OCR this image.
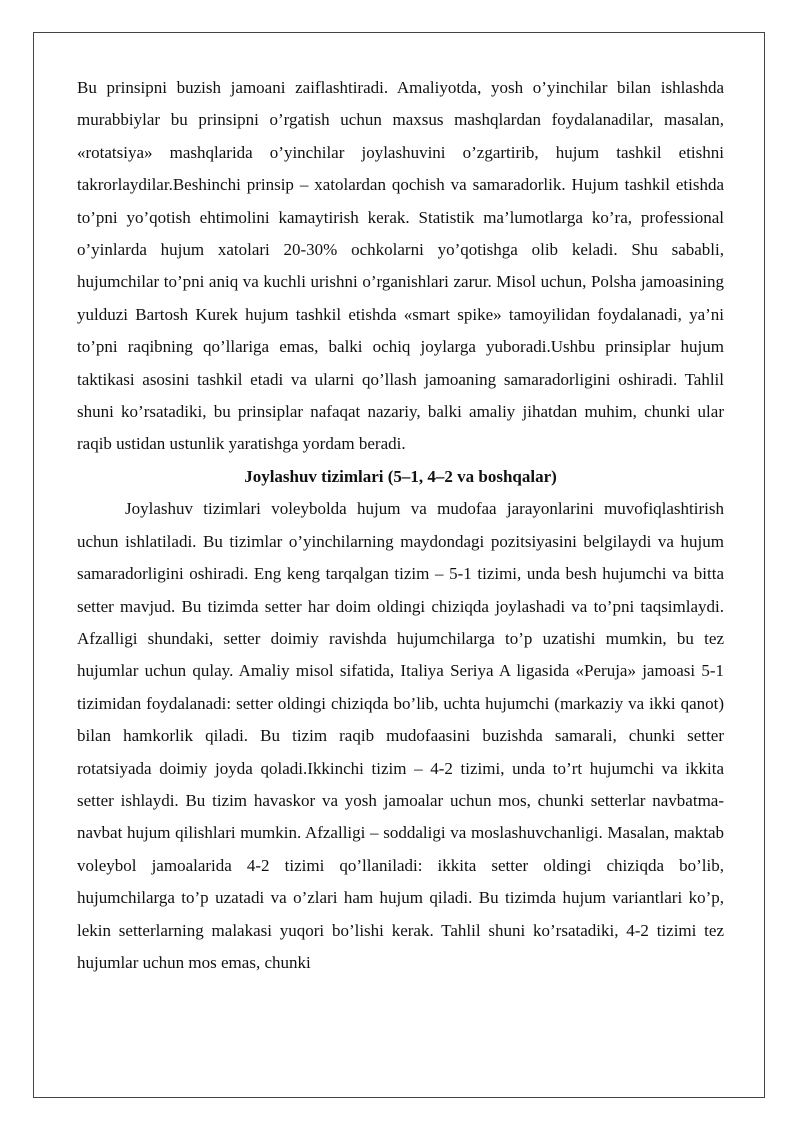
Bu prinsipni buzish jamoani zaiflashtiradi. Amaliyotda, yosh o’yinchilar bilan ishlashda murabbiylar bu prinsipni o’rgatish uchun maxsus mashqlardan foydalanadilar, masalan, «rotatsiya» mashqlarida o’yinchilar joylashuvini o’zgartirib, hujum tashkil etishni takrorlaydilar.Beshinchi prinsip – xatolardan qochish va samaradorlik. Hujum tashkil etishda to’pni yo’qotish ehtimolini kamaytirish kerak. Statistik ma’lumotlarga ko’ra, professional o’yinlarda hujum xatolari 20-30% ochkolarni yo’qotishga olib keladi. Shu sababli, hujumchilar to’pni aniq va kuchli urishni o’rganishlari zarur. Misol uchun, Polsha jamoasining yulduzi Bartosh Kurek hujum tashkil etishda «smart spike» tamoyilidan foydalanadi, ya’ni to’pni raqibning qo’llariga emas, balki ochiq joylarga yuboradi.Ushbu prinsiplar hujum taktikasi asosini tashkil etadi va ularni qo’llash jamoaning samaradorligini oshiradi. Tahlil shuni ko’rsatadiki, bu prinsiplar nafaqat nazariy, balki amaliy jihatdan muhim, chunki ular raqib ustidan ustunlik yaratishga yordam beradi.

Joylashuv tizimlari (5–1, 4–2 va boshqalar)

Joylashuv tizimlari voleybolda hujum va mudofaa jarayonlarini muvofiqlashtirish uchun ishlatiladi. Bu tizimlar o’yinchilarning maydondagi pozitsiyasini belgilaydi va hujum samaradorligini oshiradi. Eng keng tarqalgan tizim – 5-1 tizimi, unda besh hujumchi va bitta setter mavjud. Bu tizimda setter har doim oldingi chiziqda joylashadi va to’pni taqsimlaydi. Afzalligi shundaki, setter doimiy ravishda hujumchilarga to’p uzatishi mumkin, bu tez hujumlar uchun qulay. Amaliy misol sifatida, Italiya Seriya A ligasida «Peruja» jamoasi 5-1 tizimidan foydalanadi: setter oldingi chiziqda bo’lib, uchta hujumchi (markaziy va ikki qanot) bilan hamkorlik qiladi. Bu tizim raqib mudofaasini buzishda samarali, chunki setter rotatsiyada doimiy joyda qoladi.Ikkinchi tizim – 4-2 tizimi, unda to’rt hujumchi va ikkita setter ishlaydi. Bu tizim havaskor va yosh jamoalar uchun mos, chunki setterlar navbatma-navbat hujum qilishlari mumkin. Afzalligi – soddaligi va moslashuvchanligi. Masalan, maktab voleybol jamoalarida 4-2 tizimi qo’llaniladi: ikkita setter oldingi chiziqda bo’lib, hujumchilarga to’p uzatadi va o’zlari ham hujum qiladi. Bu tizimda hujum variantlari ko’p, lekin setterlarning malakasi yuqori bo’lishi kerak. Tahlil shuni ko’rsatadiki, 4-2 tizimi tez hujumlar uchun mos emas, chunki
